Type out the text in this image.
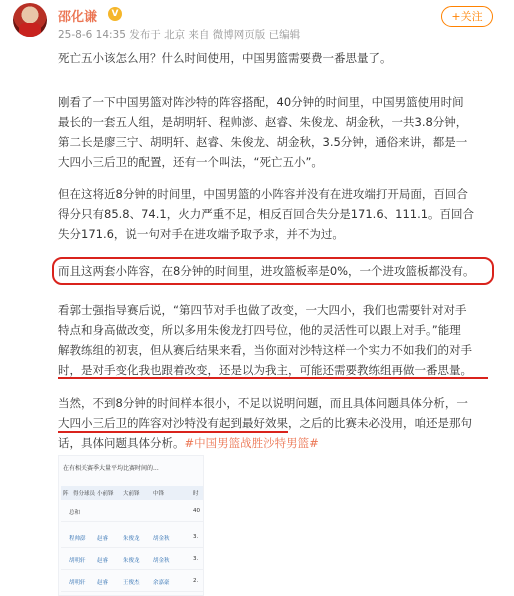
邵化谦	V
25-8-6 14:35 发布于 北京 来自 微博网页版 已编辑
+关注
死亡五小该怎么用？什么时间使用，中国男篮需要费一番思量了。
刚看了一下中国男篮对阵沙特的阵容搭配，40分钟的时间里，中国男篮使用时间
最长的一套五人组，是胡明轩、程帅澎、赵睿、朱俊龙、胡金秋，一共3.8分钟，
第二长是廖三宁、胡明轩、赵睿、朱俊龙、胡金秋，3.5分钟，通俗来讲，都是一
大四小三后卫的配置，还有一个叫法，“死亡五小”。
但在这将近8分钟的时间里，中国男篮的小阵容并没有在进攻端打开局面，百回合
得分只有85.8、74.1，火力严重不足，相反百回合失分是171.6、111.1。百回合
失分171.6，说一句对手在进攻端予取予求，并不为过。
而且这两套小阵容，在8分钟的时间里，进攻篮板率是0%，一个进攻篮板都没有。
看郭士强指导赛后说，“第四节对手也做了改变，一大四小，我们也需要针对对手
特点和身高做改变，所以多用朱俊龙打四号位，他的灵活性可以跟上对手。”能理
解教练组的初衷，但从赛后结果来看，当你面对沙特这样一个实力不如我们的对手
时，是对手变化我也跟着改变，还是以为我主，可能还需要教练组再做一番思量。
当然，不到8分钟的时间样本很小，不足以说明问题，而且具体问题具体分析，一
大四小三后卫的阵容对沙特没有起到最好效果，之后的比赛未必没用，咱还是那句
话，具体问题具体分析。#中国男篮战胜沙特男篮#
在有相关赛季大量平均比赛时间的...
阵 得分球员 小前锋 大前锋 中锋	时
总和	40
程帅澎 赵睿	朱俊龙 胡金秋	3.
胡明轩 赵睿	朱俊龙 胡金秋	3.
胡明轩 赵睿	王俊杰 余嘉豪	2.
